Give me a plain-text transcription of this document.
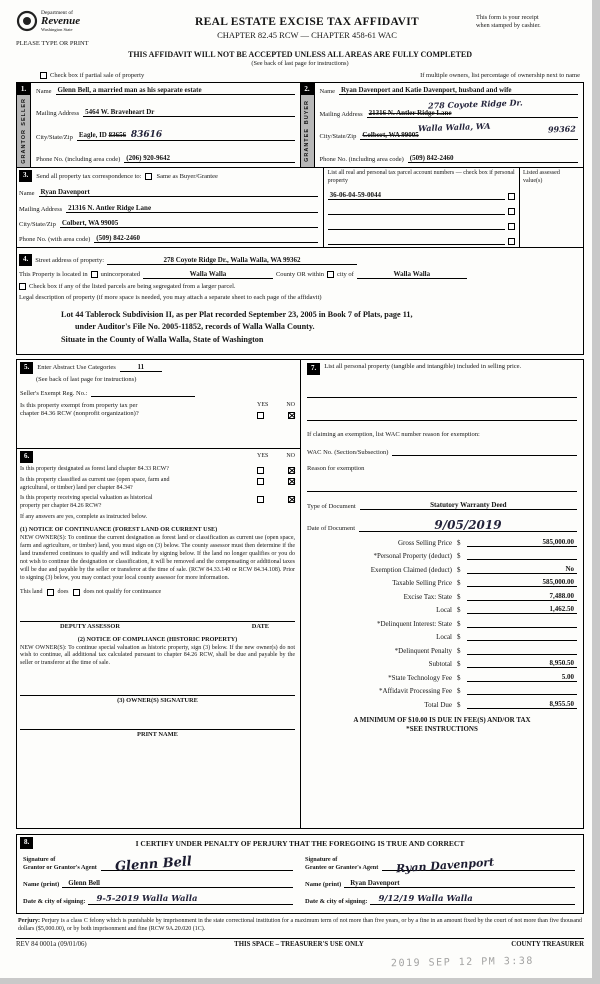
Department of
Revenue
Washington State
PLEASE TYPE OR PRINT
REAL ESTATE EXCISE TAX AFFIDAVIT
CHAPTER 82.45 RCW — CHAPTER 458-61 WAC
This form is your receipt
when stamped by cashier.
THIS AFFIDAVIT WILL NOT BE ACCEPTED UNLESS ALL AREAS ARE FULLY COMPLETED
(See back of last page for instructions)
Check box if partial sale of property	If multiple owners, list percentage of ownership next to name
1.
SELLER
GRANTOR
Name Glenn Bell, a married man as his separate estate
Mailing Address 5464 W. Braveheart Dr
City/State/Zip Eagle, ID 83656 83616
Phone No. (including area code) (206) 920-9642
2.
BUYER
GRANTEE
Name Ryan Davenport and Katie Davenport, husband and wife
278 Coyote Ridge Dr.
Mailing Address 21316 N. Antler Ridge Lane
Walla Walla, WA	99362
City/State/Zip Colbert, WA 99005
Phone No. (including area code) (509) 842-2460
3.	Send all property tax correspondence to: Same as Buyer/Grantee
Name Ryan Davenport
Mailing Address 21316 N. Antler Ridge Lane
City/State/Zip Colbert, WA 99005
Phone No. (with area code) (509) 842-2460
List all real and personal tax parcel account numbers — check box if personal property
36-06-04-59-0044
Listed assessed value(s)
4.	Street address of property:	278 Coyote Ridge Dr., Walla Walla, WA 99362
This Property is located in unincorporated	Walla Walla	County OR within city of	Walla Walla
Check box if any of the listed parcels are being segregated from a larger parcel.
Legal description of property (if more space is needed, you may attach a separate sheet to each page of the affidavit)
Lot 44 Tablerock Subdivision II, as per Plat recorded September 23, 2005 in Book 7 of Plats, page 11,
under Auditor's File No. 2005-11852, records of Walla Walla County.
Situate in the County of Walla Walla, State of Washington
5.	Enter Abstract Use Categories	11
(See back of last page for instructions)
Seller's Exempt Reg. No.:
Is this property exempt from property tax per
chapter 84.36 RCW (nonprofit organization)?
YES	NO
6.	YES	NO
Is this property designated as forest land chapter 84.33 RCW?
Is this property classified as current use (open space, farm and
agricultural, or timber) land per chapter 84.34?
Is this property receiving special valuation as historical
property per chapter 84.26 RCW?
If any answers are yes, complete as instructed below.
(1) NOTICE OF CONTINUANCE (FOREST LAND OR CURRENT USE)
NEW OWNER(S): To continue the current designation as forest land or classification as current use (open space, farm and agriculture, or timber) land, you must sign on (3) below. The county assessor must then determine if the land transferred continues to qualify and will indicate by signing below. If the land no longer qualifies or you do not wish to continue the designation or classification, it will be removed and the compensating or additional taxes will be due and payable by the seller or transferor at the time of sale. (RCW 84.33.140 or RCW 84.34.108). Prior to signing (3) below, you may contact your local county assessor for more information.
This land	does	does not qualify for continuance
DEPUTY ASSESSOR	DATE
(2) NOTICE OF COMPLIANCE (HISTORIC PROPERTY)
NEW OWNER(S): To continue special valuation as historic property, sign (3) below. If the new owner(s) do not wish to continue, all additional tax calculated pursuant to chapter 84.26 RCW, shall be due and payable by the seller or transferor at the time of sale.
(3) OWNER(S) SIGNATURE
PRINT NAME
7.	List all personal property (tangible and intangible) included in selling price.
If claiming an exemption, list WAC number reason for exemption:
WAC No. (Section/Subsection)
Reason for exemption
Type of Document	Statutory Warranty Deed
Date of Document	9/05/2019
Gross Selling Price $	585,000.00
*Personal Property (deduct) $
Exemption Claimed (deduct) $	No
Taxable Selling Price $	585,000.00
Excise Tax: State $	7,488.00
Local $	1,462.50
*Delinquent Interest: State $
Local $
*Delinquent Penalty $
Subtotal $	8,950.50
*State Technology Fee $	5.00
*Affidavit Processing Fee $
Total Due $	8,955.50
A MINIMUM OF $10.00 IS DUE IN FEE(S) AND/OR TAX
*SEE INSTRUCTIONS
8.	I CERTIFY UNDER PENALTY OF PERJURY THAT THE FOREGOING IS TRUE AND CORRECT
Signature of
Grantor or Grantor's Agent	Glenn Bell
Name (print)	Glenn Bell
Date & city of signing:	9-5-2019 Walla Walla
Signature of
Grantee or Grantee's Agent	Ryan Davenport
Name (print)	Ryan Davenport
Date & city of signing:	9/12/19 Walla Walla
Perjury: Perjury is a class C felony which is punishable by imprisonment in the state correctional institution for a maximum term of not more than five years, or by a fine in an amount fixed by the court of not more than five thousand dollars ($5,000.00), or by both imprisonment and fine (RCW 9A.20.020 (1C).
REV 84 0001a (09/01/06)	THIS SPACE – TREASURER'S USE ONLY	COUNTY TREASURER
2019 SEP 12 PM 3:38
